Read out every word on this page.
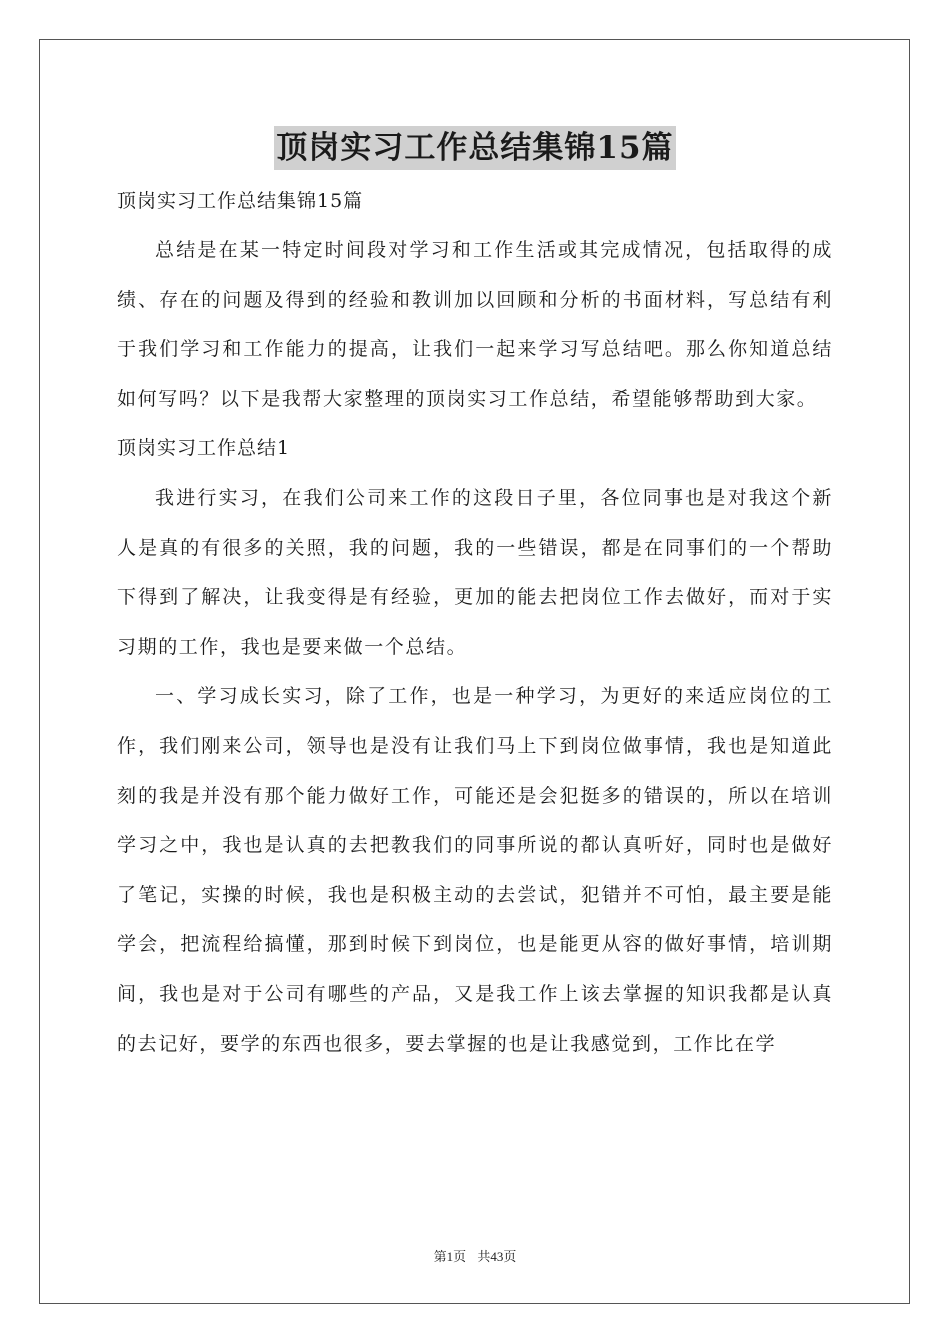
顶岗实习工作总结集锦15篇

顶岗实习工作总结集锦15篇

总结是在某一特定时间段对学习和工作生活或其完成情况，包括取得的成绩、存在的问题及得到的经验和教训加以回顾和分析的书面材料，写总结有利于我们学习和工作能力的提高，让我们一起来学习写总结吧。那么你知道总结如何写吗？以下是我帮大家整理的顶岗实习工作总结，希望能够帮助到大家。

顶岗实习工作总结1

我进行实习，在我们公司来工作的这段日子里，各位同事也是对我这个新人是真的有很多的关照，我的问题，我的一些错误，都是在同事们的一个帮助下得到了解决，让我变得是有经验，更加的能去把岗位工作去做好，而对于实习期的工作，我也是要来做一个总结。

一、学习成长实习，除了工作，也是一种学习，为更好的来适应岗位的工作，我们刚来公司，领导也是没有让我们马上下到岗位做事情，我也是知道此刻的我是并没有那个能力做好工作，可能还是会犯挺多的错误的，所以在培训学习之中，我也是认真的去把教我们的同事所说的都认真听好，同时也是做好了笔记，实操的时候，我也是积极主动的去尝试，犯错并不可怕，最主要是能学会，把流程给搞懂，那到时候下到岗位，也是能更从容的做好事情，培训期间，我也是对于公司有哪些的产品，又是我工作上该去掌握的知识我都是认真的去记好，要学的东西也很多，要去掌握的也是让我感觉到，工作比在学

第1页 共43页
